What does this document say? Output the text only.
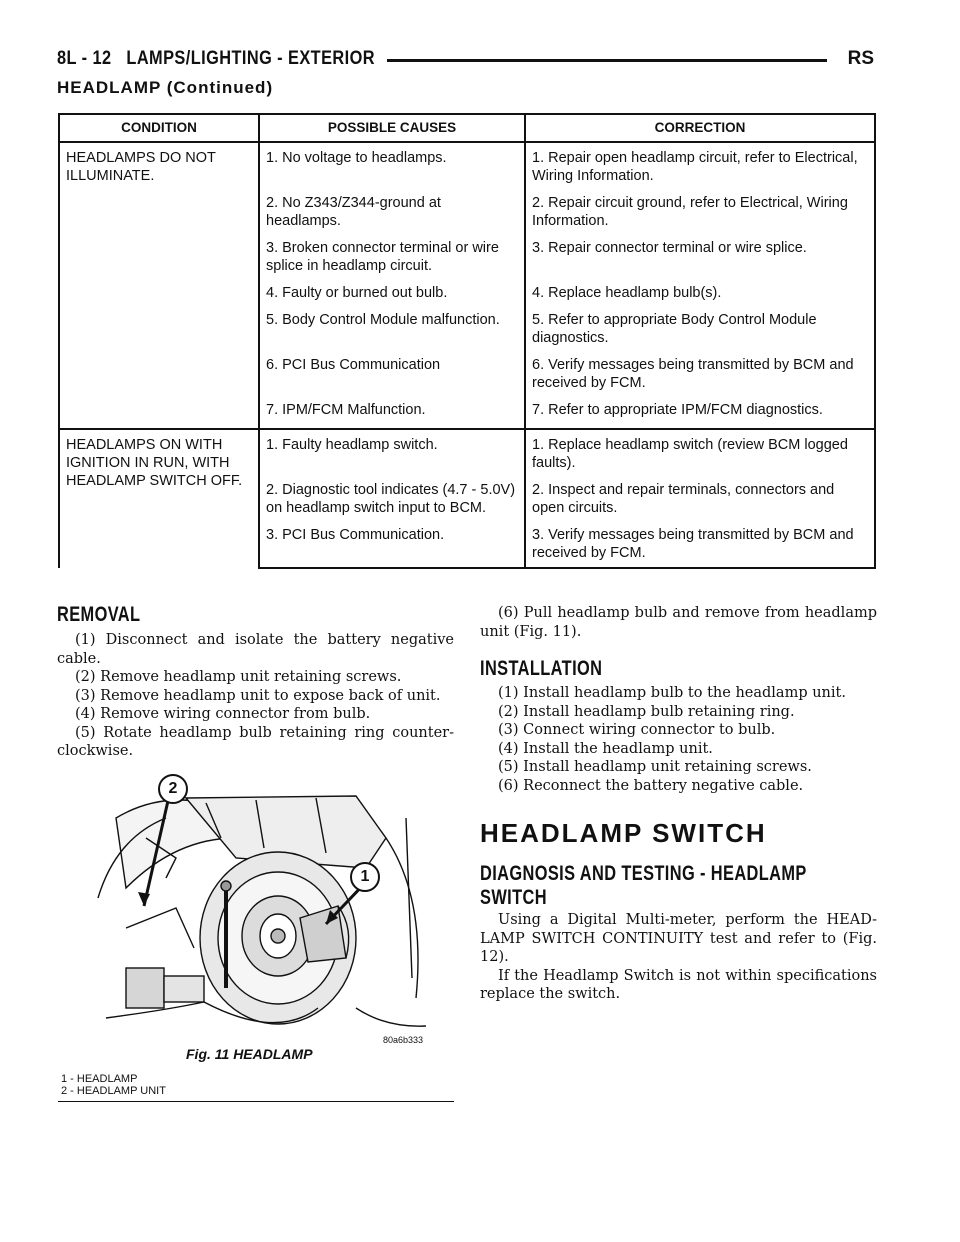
8L - 12 LAMPS/LIGHTING - EXTERIOR	RS
HEADLAMP (Continued)
CONDITION	POSSIBLE CAUSES	CORRECTION
HEADLAMPS DO NOT ILLUMINATE.	1. No voltage to headlamps.	1. Repair open headlamp circuit, refer to Electrical, Wiring Information.
	2. No Z343/Z344-ground at headlamps.	2. Repair circuit ground, refer to Electrical, Wiring Information.
	3. Broken connector terminal or wire splice in headlamp circuit.	3. Repair connector terminal or wire splice.
	4. Faulty or burned out bulb.	4. Replace headlamp bulb(s).
	5. Body Control Module malfunction.	5. Refer to appropriate Body Control Module diagnostics.
	6. PCI Bus Communication	6. Verify messages being transmitted by BCM and received by FCM.
	7. IPM/FCM Malfunction.	7. Refer to appropriate IPM/FCM diagnostics.
HEADLAMPS ON WITH IGNITION IN RUN, WITH HEADLAMP SWITCH OFF.	1. Faulty headlamp switch.	1. Replace headlamp switch (review BCM logged faults).
	2. Diagnostic tool indicates (4.7 - 5.0V) on headlamp switch input to BCM.	2. Inspect and repair terminals, connectors and open circuits.
	3. PCI Bus Communication.	3. Verify messages being transmitted by BCM and received by FCM.
REMOVAL

(1) Disconnect and isolate the battery negative cable.

(2) Remove headlamp unit retaining screws.

(3) Remove headlamp unit to expose back of unit.

(4) Remove wiring connector from bulb.

(5) Rotate headlamp bulb retaining ring counter-clockwise.

(6) Pull headlamp bulb and remove from headlamp unit (Fig. 11).

INSTALLATION

(1) Install headlamp bulb to the headlamp unit.

(2) Install headlamp bulb retaining ring.

(3) Connect wiring connector to bulb.

(4) Install the headlamp unit.

(5) Install headlamp unit retaining screws.

(6) Reconnect the battery negative cable.

HEADLAMP SWITCH
DIAGNOSIS AND TESTING - HEADLAMP
SWITCH

Using a Digital Multi-meter, perform the HEAD-LAMP SWITCH CONTINUITY test and refer to (Fig. 12).

If the Headlamp Switch is not within specifications replace the switch.

2
1
80a6b333
Fig. 11 HEADLAMP
1 - HEADLAMP
2 - HEADLAMP UNIT
